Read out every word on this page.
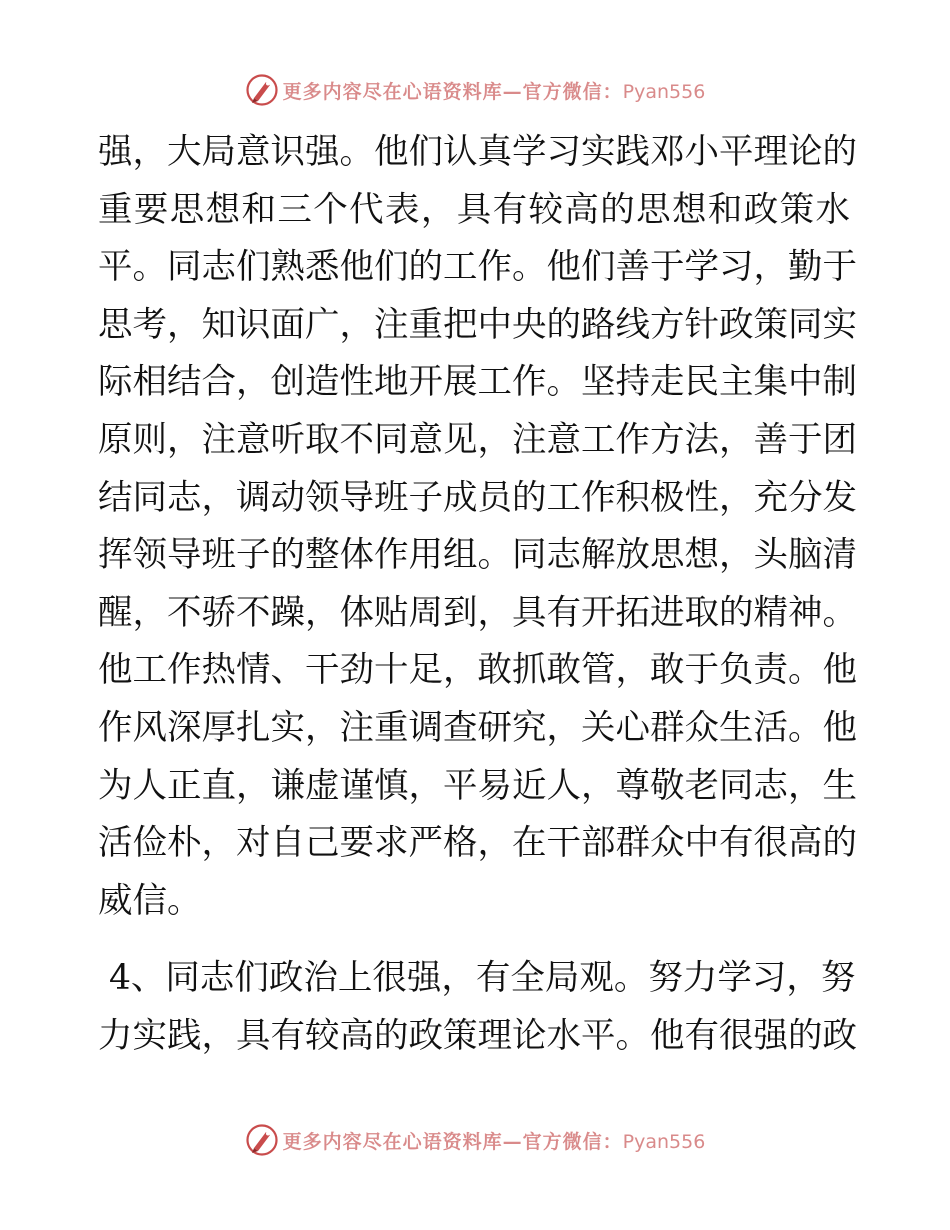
更多内容尽在心语资料库—官方微信：Pyan556
强，大局意识强。他们认真学习实践邓小平理论的
重要思想和三个代表，具有较高的思想和政策水
平。同志们熟悉他们的工作。他们善于学习，勤于
思考，知识面广，注重把中央的路线方针政策同实
际相结合，创造性地开展工作。坚持走民主集中制
原则，注意听取不同意见，注意工作方法，善于团
结同志，调动领导班子成员的工作积极性，充分发
挥领导班子的整体作用组。同志解放思想，头脑清
醒，不骄不躁，体贴周到，具有开拓进取的精神。
他工作热情、干劲十足，敢抓敢管，敢于负责。他
作风深厚扎实，注重调查研究，关心群众生活。他
为人正直，谦虚谨慎，平易近人，尊敬老同志，生
活俭朴，对自己要求严格，在干部群众中有很高的
威信。
4、同志们政治上很强，有全局观。努力学习，努
力实践，具有较高的政策理论水平。他有很强的政
更多内容尽在心语资料库—官方微信：Pyan556
